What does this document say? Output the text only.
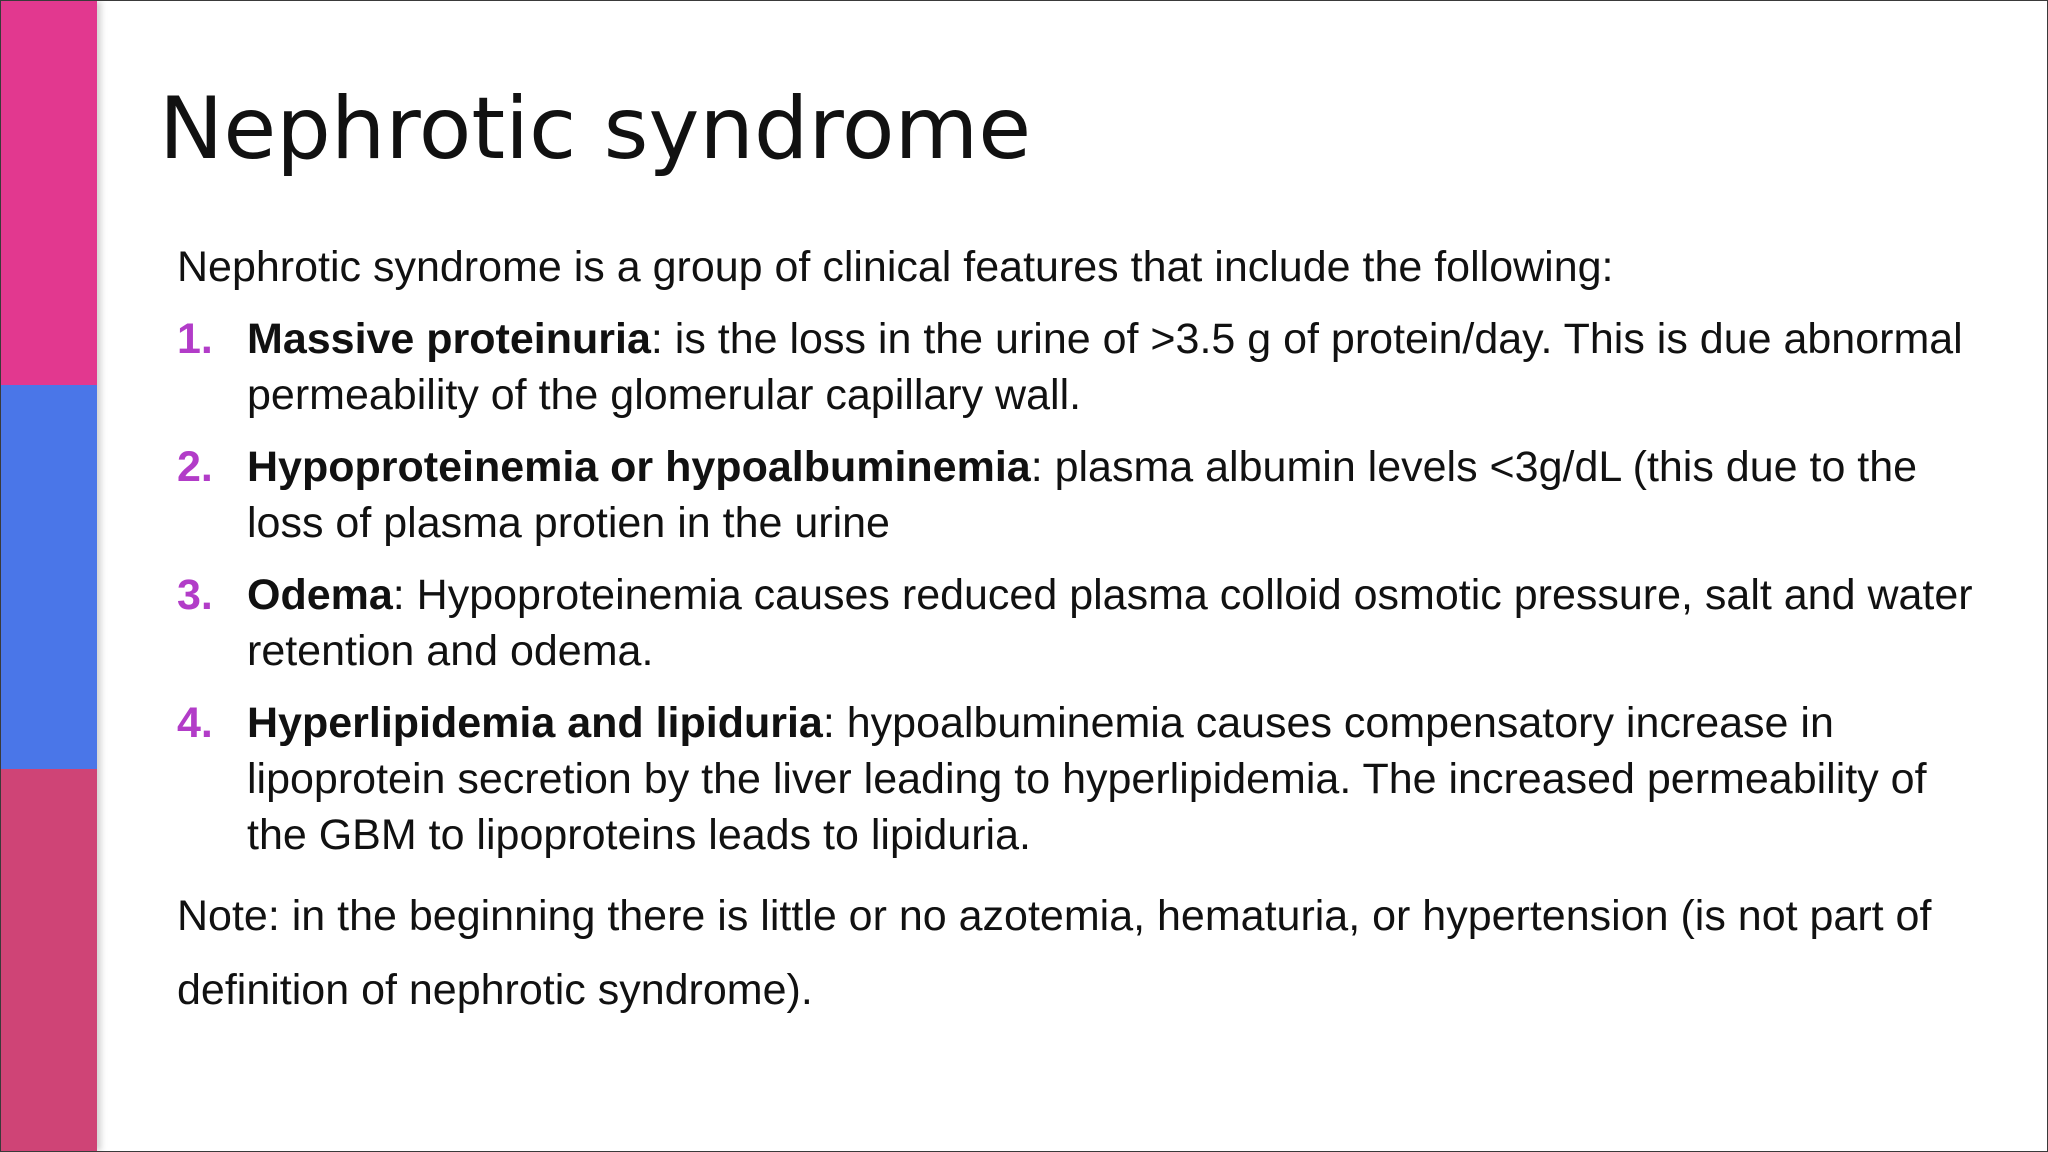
Nephrotic syndrome

Nephrotic syndrome is a group of clinical features that include the following:

1. Massive proteinuria: is the loss in the urine of >3.5 g of protein/day. This is due abnormal permeability of the glomerular capillary wall.
2. Hypoproteinemia or hypoalbuminemia: plasma albumin levels <3g/dL (this due to the loss of plasma protien in the urine
3. Odema: Hypoproteinemia causes reduced plasma colloid osmotic pressure, salt and water retention and odema.
4. Hyperlipidemia and lipiduria: hypoalbuminemia causes compensatory increase in lipoprotein secretion by the liver leading to hyperlipidemia. The increased permeability of the GBM to lipoproteins leads to lipiduria.

Note: in the beginning there is little or no azotemia, hematuria, or hypertension (is not part of definition of nephrotic syndrome).
